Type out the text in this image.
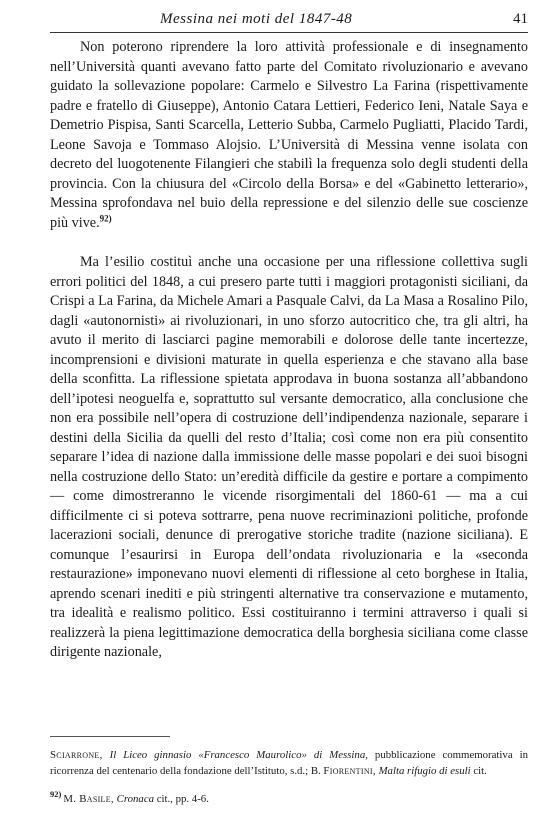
Messina nei moti del 1847-48	41

Non poterono riprendere la loro attività professionale e di insegnamento nell’Università quanti avevano fatto parte del Comitato rivoluzionario e avevano guidato la sollevazione popolare: Carmelo e Silvestro La Farina (rispettivamente padre e fratello di Giuseppe), Antonio Catara Lettieri, Federico Ieni, Natale Saya e Demetrio Pispisa, Santi Scarcella, Letterio Subba, Carmelo Pugliatti, Placido Tardi, Leone Savoja e Tommaso Alojsio. L’Università di Messina venne isolata con decreto del luogotenente Filangieri che stabilì la frequenza solo degli studenti della provincia. Con la chiusura del «Circolo della Borsa» e del «Gabinetto letterario», Messina sprofondava nel buio della repressione e del silenzio delle sue coscienze più vive.$^{92)}$

Ma l’esilio costituì anche una occasione per una riflessione collettiva sugli errori politici del 1848, a cui presero parte tutti i maggiori protagonisti siciliani, da Crispi a La Farina, da Michele Amari a Pasquale Calvi, da La Masa a Rosalino Pilo, dagli «autonornisti» ai rivoluzionari, in uno sforzo autocritico che, tra gli altri, ha avuto il merito di lasciarci pagine memorabili e dolorose delle tante incertezze, incomprensioni e divisioni maturate in quella esperienza e che stavano alla base della sconfitta. La riflessione spietata approdava in buona sostanza all’abbandono dell’ipotesi neoguelfa e, soprattutto sul versante democratico, alla conclusione che non era possibile nell’opera di costruzione dell’indipendenza nazionale, separare i destini della Sicilia da quelli del resto d’Italia; così come non era più consentito separare l’idea di nazione dalla immissione delle masse popolari e dei suoi bisogni nella costruzione dello Stato: un’eredità difficile da gestire e portare a compimento — come dimostreranno le vicende risorgimentali del 1860-61 — ma a cui difficilmente ci si poteva sottrarre, pena nuove recriminazioni politiche, profonde lacerazioni sociali, denunce di prerogative storiche tradite (nazione siciliana). E comunque l’esaurirsi in Europa dell’ondata rivoluzionaria e la «seconda restaurazione» imponevano nuovi elementi di riflessione al ceto borghese in Italia, aprendo scenari inediti e più stringenti alternative tra conservazione e mutamento, tra idealità e realismo politico. Essi costituiranno i termini attraverso i quali si realizzerà la piena legittimazione democratica della borghesia siciliana come classe dirigente nazionale,

Sciarrone, Il Liceo ginnasio «Francesco Maurolico» di Messina, pubblicazione commemorativa in ricorrenza del centenario della fondazione dell’Istituto, s.d.; B. Fiorentini, Malta rifugio di esuli cit.

$^{92)}$ M. Basile, Cronaca cit., pp. 4-6.
